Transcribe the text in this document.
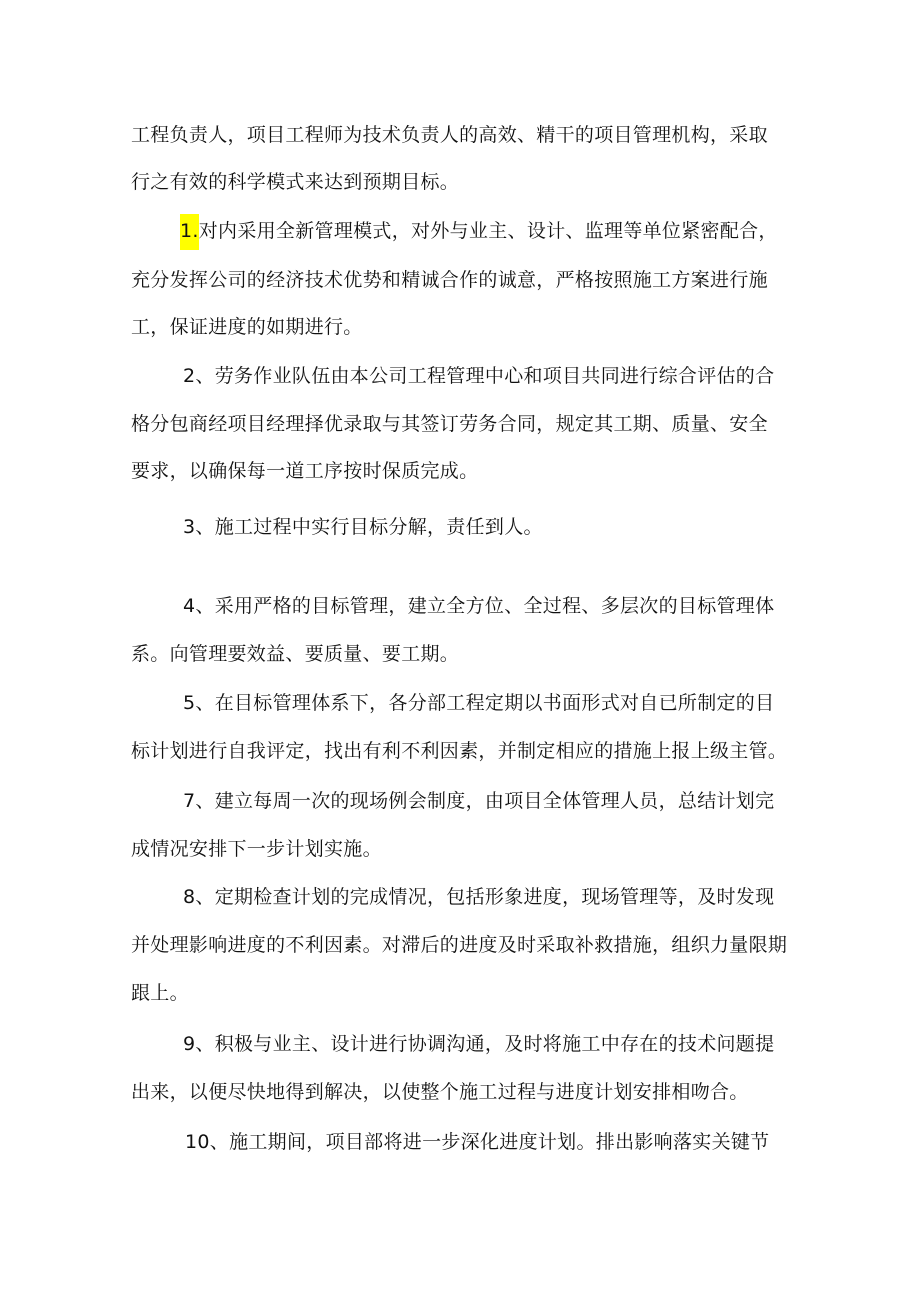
工程负责人，项目工程师为技术负责人的高效、精干的项目管理机构，采取
行之有效的科学模式来达到预期目标。
1.对内采用全新管理模式，对外与业主、设计、监理等单位紧密配合，
充分发挥公司的经济技术优势和精诚合作的诚意，严格按照施工方案进行施
工，保证进度的如期进行。
2、劳务作业队伍由本公司工程管理中心和项目共同进行综合评估的合
格分包商经项目经理择优录取与其签订劳务合同，规定其工期、质量、安全
要求，以确保每一道工序按时保质完成。
3、施工过程中实行目标分解，责任到人。
4、采用严格的目标管理，建立全方位、全过程、多层次的目标管理体
系。向管理要效益、要质量、要工期。
5、在目标管理体系下，各分部工程定期以书面形式对自已所制定的目
标计划进行自我评定，找出有利不利因素，并制定相应的措施上报上级主管。
7、建立每周一次的现场例会制度，由项目全体管理人员，总结计划完
成情况安排下一步计划实施。
8、定期检查计划的完成情况，包括形象进度，现场管理等，及时发现
并处理影响进度的不利因素。对滞后的进度及时采取补救措施，组织力量限期
跟上。
9、积极与业主、设计进行协调沟通，及时将施工中存在的技术问题提
出来，以便尽快地得到解决，以使整个施工过程与进度计划安排相吻合。
10、施工期间，项目部将进一步深化进度计划。排出影响落实关键节
